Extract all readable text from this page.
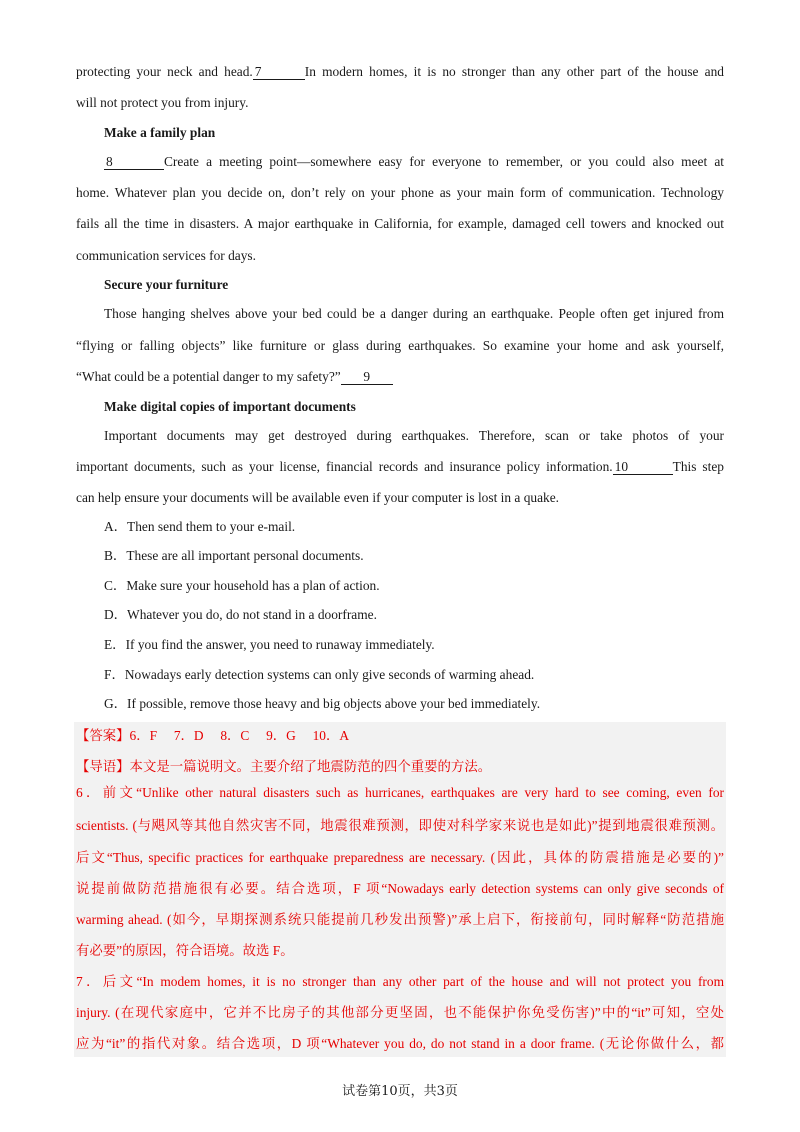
protecting your neck and head. 7	In modern homes, it is no stronger than any other part of the house and
will not protect you from injury.
Make a family plan
8	Create a meeting point—somewhere easy for everyone to remember, or you could also meet at
home. Whatever plan you decide on, don’t rely on your phone as your main form of communication. Technology
fails all the time in disasters. A major earthquake in California, for example, damaged cell towers and knocked out
communication services for days.
Secure your furniture
Those hanging shelves above your bed could be a danger during an earthquake. People often get injured from
“flying or falling objects” like furniture or glass during earthquakes. So examine your home and ask yourself,
“What could be a potential danger to my safety?” 9
Make digital copies of important documents
Important documents may get destroyed during earthquakes. Therefore, scan or take photos of your
important documents, such as your license, financial records and insurance policy information. 10	This step
can help ensure your documents will be available even if your computer is lost in a quake.
A．Then send them to your e-mail.
B．These are all important personal documents.
C．Make sure your household has a plan of action.
D．Whatever you do, do not stand in a doorframe.
E．If you find the answer, you need to runaway immediately.
F．Nowadays early detection systems can only give seconds of warming ahead.
G．If possible, remove those heavy and big objects above your bed immediately.
【答案】6．F　 7．D　 8．C　 9．G　 10．A
【导语】本文是一篇说明文。主要介绍了地震防范的四个重要的方法。
6．前文“Unlike other natural disasters such as hurricanes, earthquakes are very hard to see coming, even for
scientists. (与飓风等其他自然灾害不同，地震很难预测，即使对科学家来说也是如此)”提到地震很难预测。
后文“Thus, specific practices for earthquake preparedness are necessary. (因此，具体的防震措施是必要的)”
说提前做防范措施很有必要。结合选项，F 项“Nowadays early detection systems can only give seconds of
warming ahead. (如今，早期探测系统只能提前几秒发出预警)”承上启下，衔接前句，同时解释“防范措施
有必要”的原因，符合语境。故选 F。
7．后文“In modem homes, it is no stronger than any other part of the house and will not protect you from
injury. (在现代家庭中，它并不比房子的其他部分更坚固，也不能保护你免受伤害)”中的“it”可知，空处
应为“it”的指代对象。结合选项，D 项“Whatever you do, do not stand in a door frame. (无论你做什么，都
试卷第10页，共3页
